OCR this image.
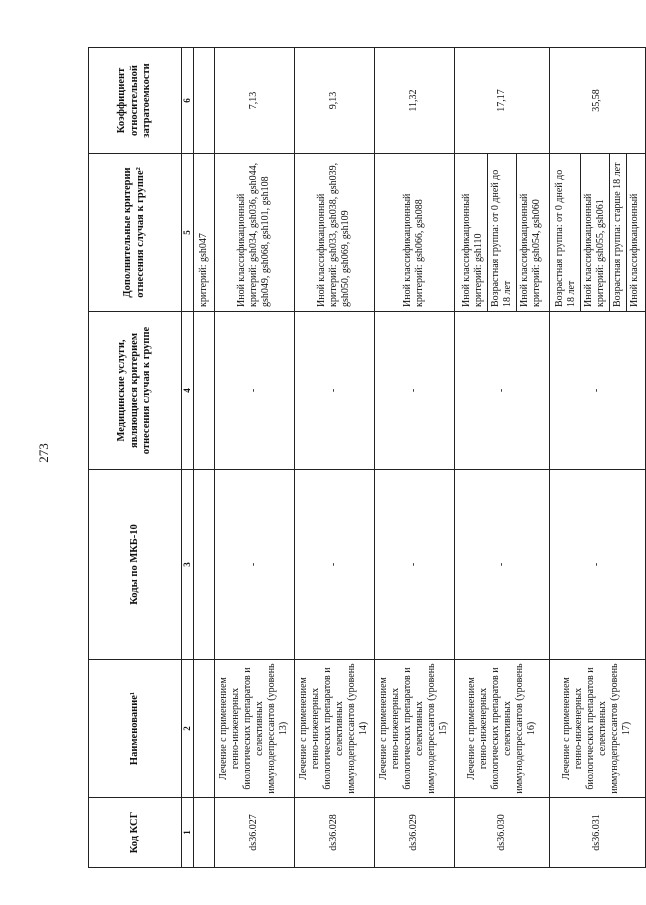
273
Код КСГ	Наименование¹	Коды по МКБ-10	Медицинские услуги, являющиеся критерием отнесения случая к группе	Дополнительные критерии отнесения случая к группе²	Коэффициент относительной затратоемкости
1	2	3	4	5	6
				критерий: gsh047	
ds36.027	Лечение с применением генно-инженерных биологических препаратов и селективных иммунодепрессантов (уровень 13)	-	-	Иной классификационный критерий: gsh034, gsh036, gsh044, gsh049, gsh068, gsh101, gsh108	7,13
ds36.028	Лечение с применением генно-инженерных биологических препаратов и селективных иммунодепрессантов (уровень 14)	-	-	Иной классификационный критерий: gsh033, gsh038, gsh039, gsh050, gsh069, gsh109	9,13
ds36.029	Лечение с применением генно-инженерных биологических препаратов и селективных иммунодепрессантов (уровень 15)	-	-	Иной классификационный критерий: gsh066, gsh088	11,32
ds36.030	Лечение с применением генно-инженерных биологических препаратов и селективных иммунодепрессантов (уровень 16)	-	-	Иной классификационный критерий: gsh110 Возрастная группа: от 0 дней до 18 лет Иной классификационный критерий: gsh054, gsh060	17,17
ds36.031	Лечение с применением генно-инженерных биологических препаратов и селективных иммунодепрессантов (уровень 17)	-	-	Возрастная группа: от 0 дней до 18 лет Иной классификационный критерий: gsh055, gsh061 Возрастная группа: старше 18 лет Иной классификационный	35,58
